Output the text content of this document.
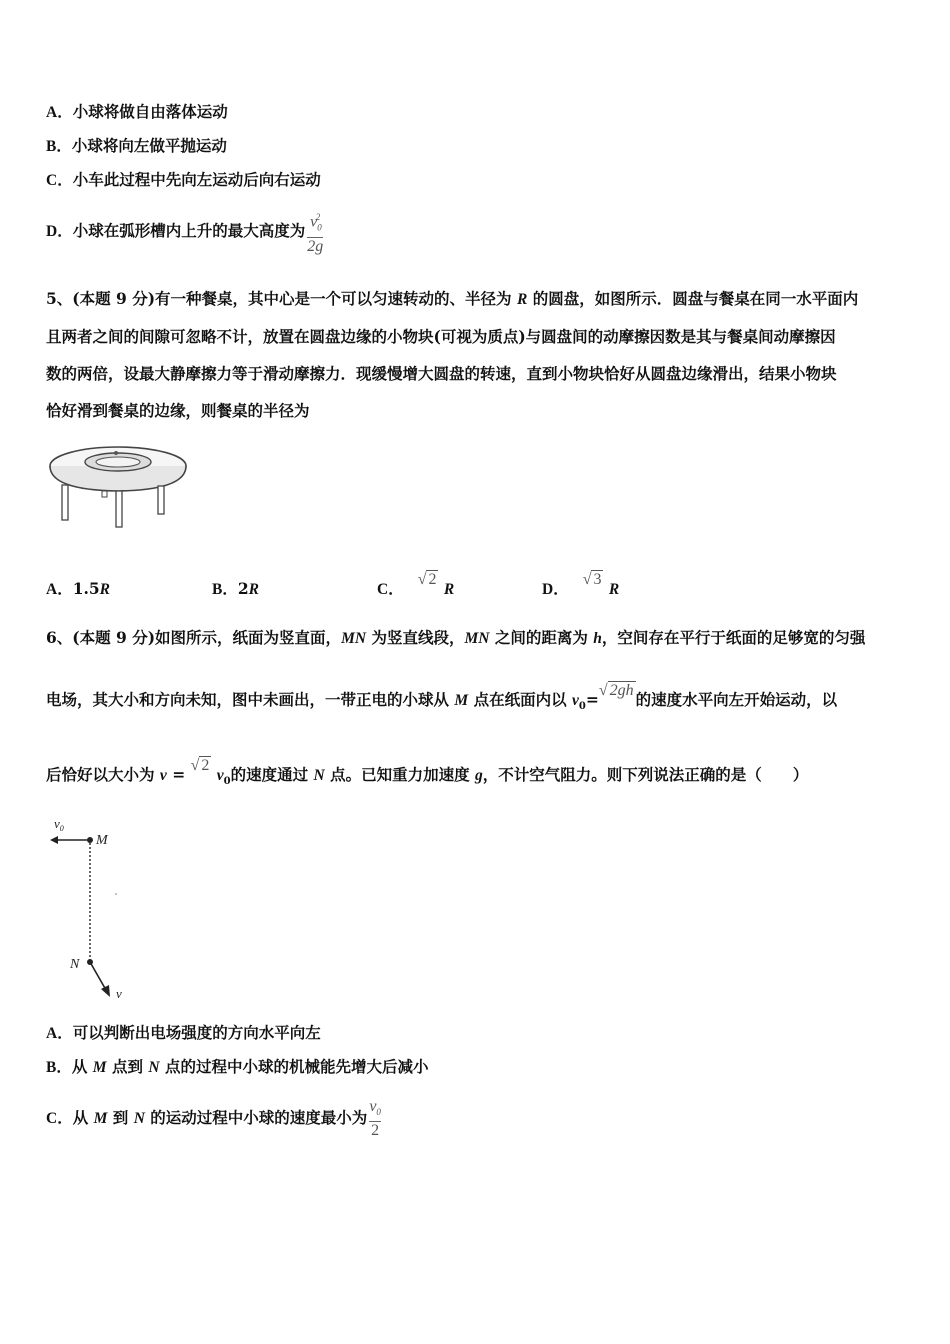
A．小球将做自由落体运动
B．小球将向左做平抛运动
C．小车此过程中先向左运动后向右运动
D．小球在弧形槽内上升的最大高度为 $\frac{v_0^2}{2g}$
5、(本题 9 分)有一种餐桌，其中心是一个可以匀速转动的、半径为 R 的圆盘，如图所示．圆盘与餐桌在同一水平面内
且两者之间的间隙可忽略不计，放置在圆盘边缘的小物块(可视为质点)与圆盘间的动摩擦因数是其与餐桌间动摩擦因
数的两倍，设最大静摩擦力等于滑动摩擦力．现缓慢增大圆盘的转速，直到小物块恰好从圆盘边缘滑出，结果小物块
恰好滑到餐桌的边缘，则餐桌的半径为
A．1.5R	B．2R	C．√ 2 R	D．√ 3 R
6、(本题 9 分)如图所示，纸面为竖直面，MN 为竖直线段，MN 之间的距离为 h，空间存在平行于纸面的足够宽的匀强
电场，其大小和方向未知，图中未画出，一带正电的小球从 M 点在纸面内以 $v_0=√$ 2gh 的速度水平向左开始运动，以
后恰好以大小为 v = √ 2 $v_0$的速度通过 N 点。已知重力加速度 g，不计空气阻力。则下列说法正确的是（　　）
$v_0$
M
N
v
A．可以判断出电场强度的方向水平向左
B．从 M 点到 N 点的过程中小球的机械能先增大后减小
C．从 M 到 N 的运动过程中小球的速度最小为 $\frac{v_0}{2}$
